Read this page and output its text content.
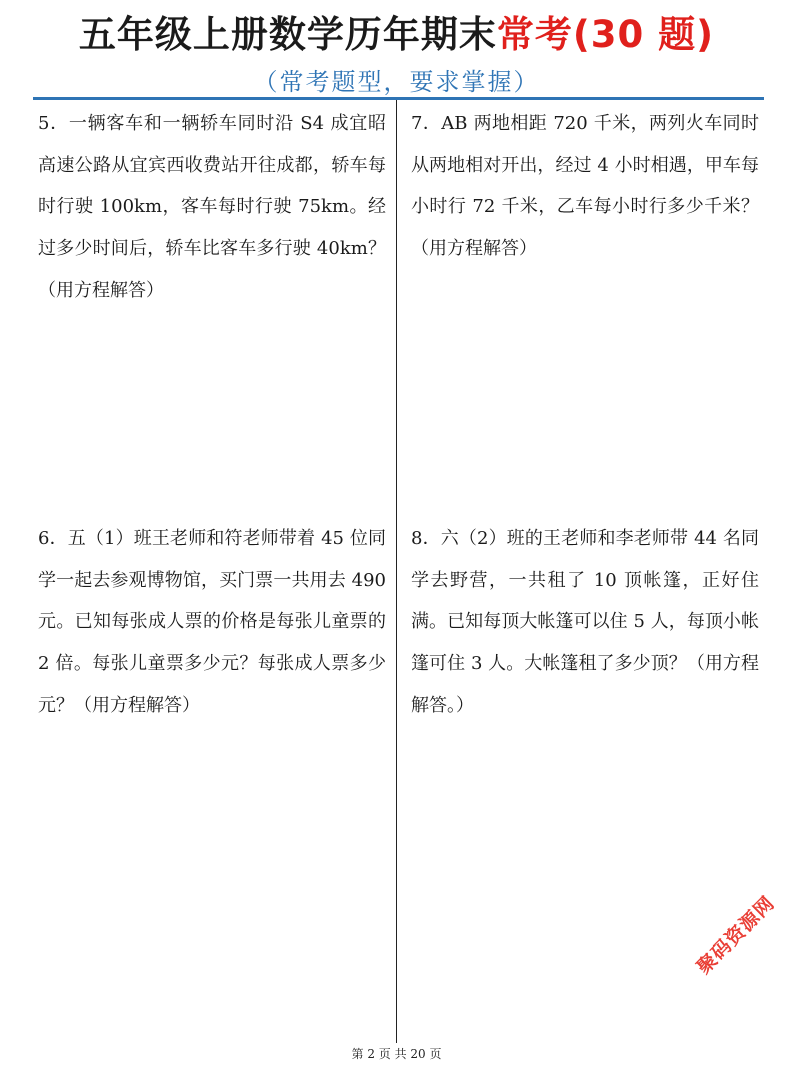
五年级上册数学历年期末常考(30 题)
（常考题型，要求掌握）
5．一辆客车和一辆轿车同时沿 S4 成宜昭高速公路从宜宾西收费站开往成都，轿车每时行驶 100km，客车每时行驶 75km。经过多少时间后，轿车比客车多行驶 40km？（用方程解答）
7．AB 两地相距 720 千米，两列火车同时从两地相对开出，经过 4 小时相遇，甲车每小时行 72 千米，乙车每小时行多少千米？（用方程解答）
6．五（1）班王老师和符老师带着 45 位同学一起去参观博物馆，买门票一共用去 490 元。已知每张成人票的价格是每张儿童票的 2 倍。每张儿童票多少元？每张成人票多少元？（用方程解答）
8．六（2）班的王老师和李老师带 44 名同学去野营，一共租了 10 顶帐篷，正好住满。已知每顶大帐篷可以住 5 人，每顶小帐篷可住 3 人。大帐篷租了多少顶？（用方程解答。）
聚码资源网
第 2 页 共 20 页
